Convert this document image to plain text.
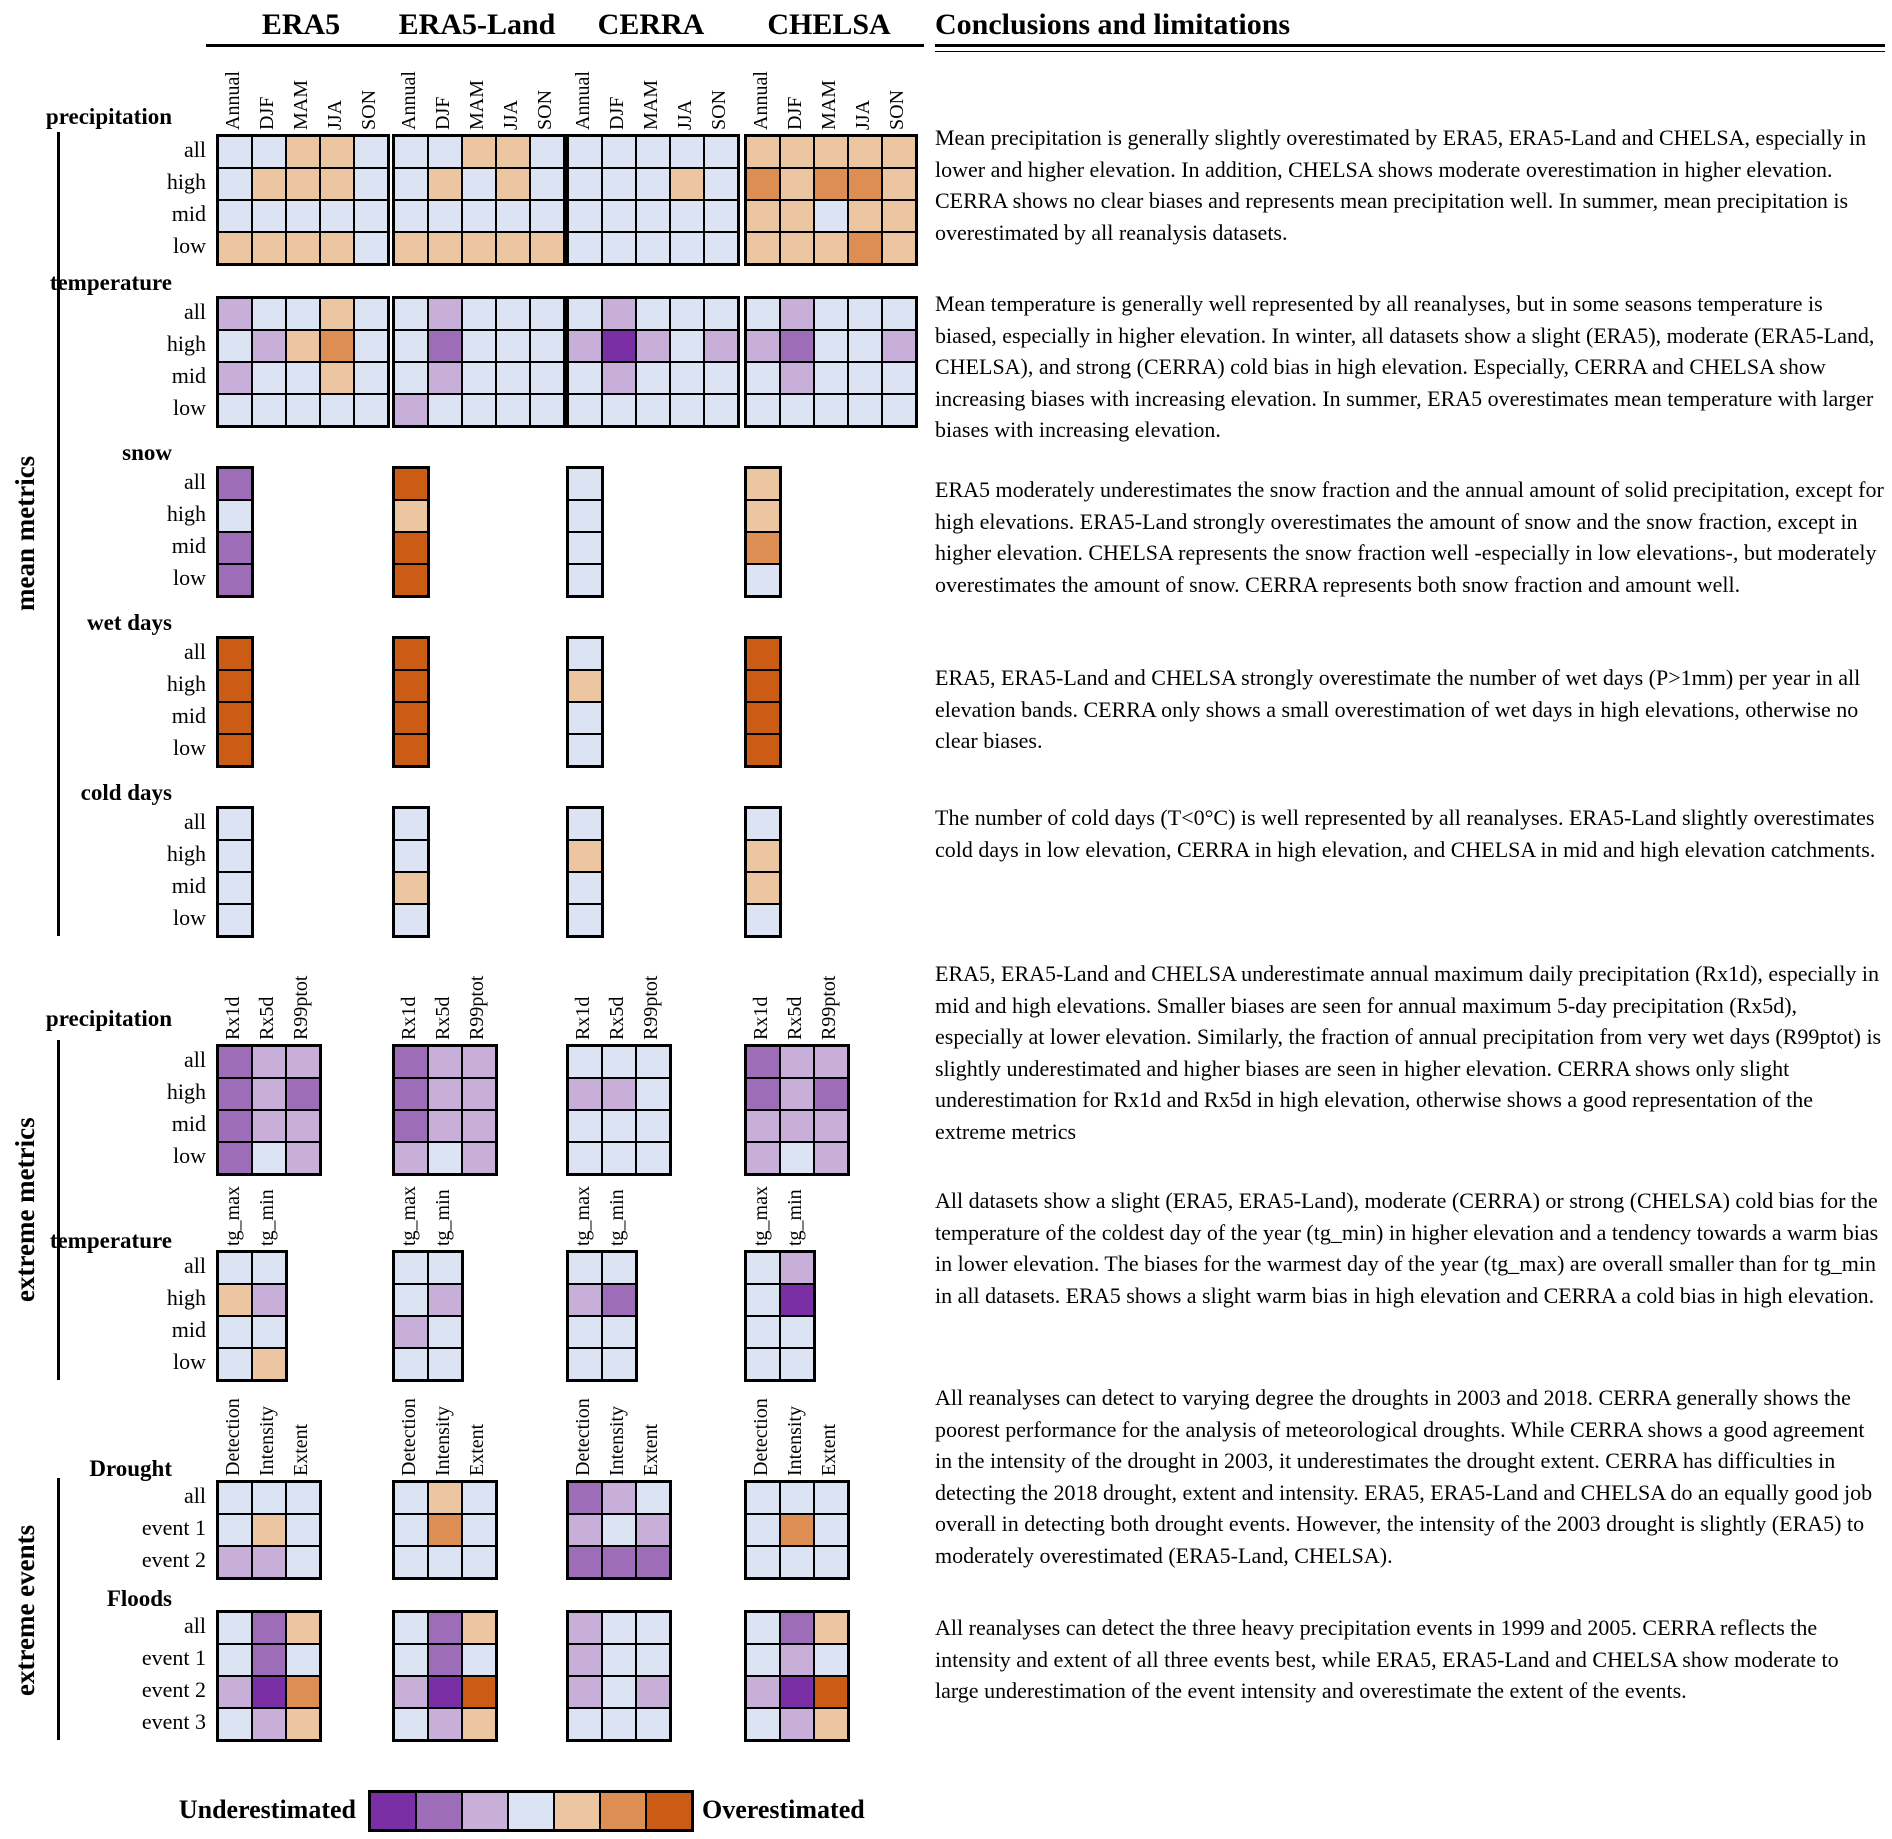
ERA5	ERA5-Land	CERRA	CHELSA	Conclusions and limitations
mean metrics
extreme metrics
extreme events
Mean precipitation is generally slightly overestimated by ERA5, ERA5-Land and CHELSA, especially in lower and higher elevation. In addition, CHELSA shows moderate overestimation in higher elevation. CERRA shows no clear biases and represents mean precipitation well. In summer, mean precipitation is overestimated by all reanalysis datasets.
Mean temperature is generally well represented by all reanalyses, but in some seasons temperature is biased, especially in higher elevation. In winter, all datasets show a slight (ERA5), moderate (ERA5-Land, CHELSA), and strong (CERRA) cold bias in high elevation. Especially, CERRA and CHELSA show increasing biases with increasing elevation. In summer, ERA5 overestimates mean temperature with larger biases with increasing elevation.
ERA5 moderately underestimates the snow fraction and the annual amount of solid precipitation, except for high elevations. ERA5-Land strongly overestimates the amount of snow and the snow fraction, except in higher elevation. CHELSA represents the snow fraction well -especially in low elevations-, but moderately overestimates the amount of snow. CERRA represents both snow fraction and amount well.
ERA5, ERA5-Land and CHELSA strongly overestimate the number of wet days (P>1mm) per year in all elevation bands. CERRA only shows a small overestimation of wet days in high elevations, otherwise no clear biases.
The number of cold days (T<0°C) is well represented by all reanalyses. ERA5-Land slightly overestimates cold days in low elevation, CERRA in high elevation, and CHELSA in mid and high elevation catchments.
ERA5, ERA5-Land and CHELSA underestimate annual maximum daily precipitation (Rx1d), especially in mid and high elevations. Smaller biases are seen for annual maximum 5-day precipitation (Rx5d), especially at lower elevation. Similarly, the fraction of annual precipitation from very wet days (R99ptot) is slightly underestimated and higher biases are seen in higher elevation. CERRA shows only slight underestimation for Rx1d and Rx5d in high elevation, otherwise shows a good representation of the extreme metrics
All datasets show a slight (ERA5, ERA5-Land), moderate (CERRA) or strong (CHELSA) cold bias for the temperature of the coldest day of the year (tg_min) in higher elevation and a tendency towards a warm bias in lower elevation. The biases for the warmest day of the year (tg_max) are overall smaller than for tg_min in all datasets. ERA5 shows a slight warm bias in high elevation and CERRA a cold bias in high elevation.
All reanalyses can detect to varying degree the droughts in 2003 and 2018. CERRA generally shows the poorest performance for the analysis of meteorological droughts. While CERRA shows a good agreement in the intensity of the drought in 2003, it underestimates the drought extent. CERRA has difficulties in detecting the 2018 drought, extent and intensity. ERA5, ERA5-Land and CHELSA do an equally good job overall in detecting both drought events. However, the intensity of the 2003 drought is slightly (ERA5) to moderately overestimated (ERA5-Land, CHELSA).
All reanalyses can detect the three heavy precipitation events in 1999 and 2005. CERRA reflects the intensity and extent of all three events best, while ERA5, ERA5-Land and CHELSA show moderate to large underestimation of the event intensity and overestimate the extent of the events.
Underestimated	Overestimated
precipitation
all
high
mid
low
Annual DJF MAM JJA SON Annual DJF MAM JJA SON Annual DJF MAM JJA SON Annual DJF MAM JJA SON
temperature
all
high
mid
low
snow
all
high
mid
low
wet days
all
high
mid
low
cold days
all
high
mid
low
precipitation
all
high
mid
low
Rx1d Rx5d R99ptot	Rx1d Rx5d R99ptot	Rx1d Rx5d R99ptot	Rx1d Rx5d R99ptot
temperature
all
high
mid
low
tg_max tg_min	tg_max tg_min	tg_max tg_min	tg_max tg_min
Drought
all
event 1
event 2
Detection Intensity Extent	Detection Intensity Extent	Detection Intensity Extent	Detection Intensity Extent
Floods
all
event 1
event 2
event 3
